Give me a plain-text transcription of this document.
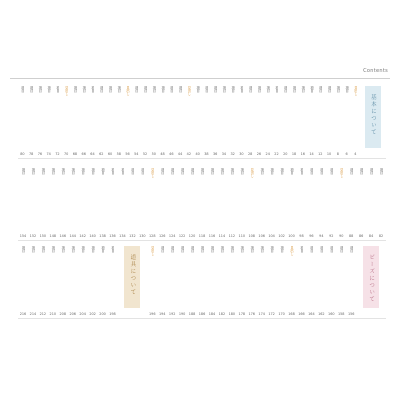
Contents
基本について
見出し
4
項目
6
項目
8
項目
10
項目
12
項目
14
項目
16
項目
18
項目
20
項目
22
項目
24
項目
26
項目
28
項目
30
項目
32
項目
34
項目
36
項目
38
項目
40
見出し
42
項目
44
項目
46
項目
48
項目
50
項目
52
項目
54
見出し
56
項目
58
項目
60
項目
62
項目
64
項目
66
項目
68
見出し
70
項目
72
項目
74
項目
76
項目
78
項目
80
項目
82
項目
84
項目
86
項目
88
見出し
90
項目
92
項目
94
項目
96
項目
98
項目
100
項目
102
項目
104
項目
106
見出し
108
項目
110
項目
112
項目
114
項目
116
項目
118
項目
120
項目
122
項目
124
項目
126
見出し
128
項目
130
項目
132
項目
134
項目
136
項目
138
項目
140
項目
142
項目
144
項目
146
項目
148
項目
150
項目
152
項目
154
ビーズについて
項目
156
項目
158
項目
160
項目
162
項目
164
項目
166
見出し
168
項目
170
項目
172
項目
174
項目
176
項目
178
項目
180
項目
182
項目
184
項目
186
項目
188
項目
190
項目
192
項目
194
見出し
196
道具について
項目
198
項目
200
項目
202
項目
204
項目
206
項目
208
項目
210
項目
212
項目
214
項目
216
